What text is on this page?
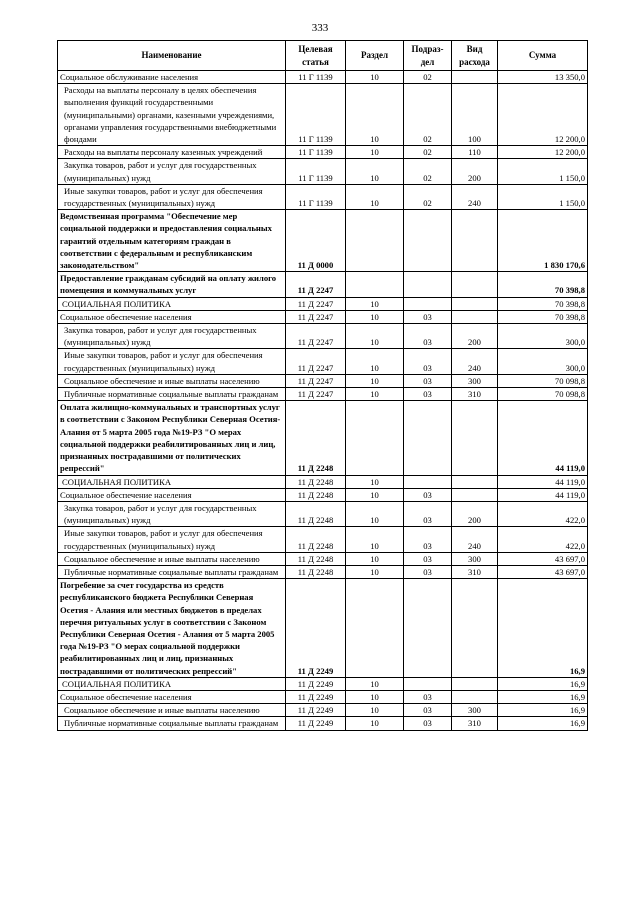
333
Наименование	Целевая статья	Раздел	Подраз- дел	Вид расхода	Сумма
Социальное обслуживание населения	11 Г 1139	10	02		13 350,0
Расходы на выплаты персоналу в целях обеспечения выполнения функций государственными (муниципальными) органами, казенными учреждениями, органами управления государственными внебюджетными фондами	11 Г 1139	10	02	100	12 200,0
Расходы на выплаты персоналу казенных учреждений	11 Г 1139	10	02	110	12 200,0
Закупка товаров, работ и услуг для государственных (муниципальных) нужд	11 Г 1139	10	02	200	1 150,0
Иные закупки товаров, работ и услуг для обеспечения государственных (муниципальных) нужд	11 Г 1139	10	02	240	1 150,0
Ведомственная программа "Обеспечение мер социальной поддержки и предоставления социальных гарантий отдельным категориям граждан в соответствии с федеральным и республиканским законодательством"	11 Д 0000				1 830 170,6
Предоставление гражданам субсидий на оплату жилого помещения и коммунальных услуг	11 Д 2247				70 398,8
СОЦИАЛЬНАЯ ПОЛИТИКА	11 Д 2247	10			70 398,8
Социальное обеспечение населения	11 Д 2247	10	03		70 398,8
Закупка товаров, работ и услуг для государственных (муниципальных) нужд	11 Д 2247	10	03	200	300,0
Иные закупки товаров, работ и услуг для обеспечения государственных (муниципальных) нужд	11 Д 2247	10	03	240	300,0
Социальное обеспечение и иные выплаты населению	11 Д 2247	10	03	300	70 098,8
Публичные нормативные социальные выплаты гражданам	11 Д 2247	10	03	310	70 098,8
Оплата жилищно-коммунальных и транспортных услуг в соответствии с Законом Республики Северная Осетия-Алания от 5 марта 2005 года №19-РЗ "О мерах социальной поддержки реабилитированных лиц и лиц, признанных пострадавшими от политических репрессий"	11 Д 2248				44 119,0
СОЦИАЛЬНАЯ ПОЛИТИКА	11 Д 2248	10			44 119,0
Социальное обеспечение населения	11 Д 2248	10	03		44 119,0
Закупка товаров, работ и услуг для государственных (муниципальных) нужд	11 Д 2248	10	03	200	422,0
Иные закупки товаров, работ и услуг для обеспечения государственных (муниципальных) нужд	11 Д 2248	10	03	240	422,0
Социальное обеспечение и иные выплаты населению	11 Д 2248	10	03	300	43 697,0
Публичные нормативные социальные выплаты гражданам	11 Д 2248	10	03	310	43 697,0
Погребение за счет государства из средств республиканского бюджета Республики Северная Осетия - Алания или местных бюджетов в пределах перечня ритуальных услуг в соответствии с Законом Республики Северная Осетия - Алания от 5 марта 2005 года №19-РЗ "О мерах социальной поддержки реабилитированных лиц и лиц, признанных пострадавшими от политических репрессий"	11 Д 2249				16,9
СОЦИАЛЬНАЯ ПОЛИТИКА	11 Д 2249	10			16,9
Социальное обеспечение населения	11 Д 2249	10	03		16,9
Социальное обеспечение и иные выплаты населению	11 Д 2249	10	03	300	16,9
Публичные нормативные социальные выплаты гражданам	11 Д 2249	10	03	310	16,9
